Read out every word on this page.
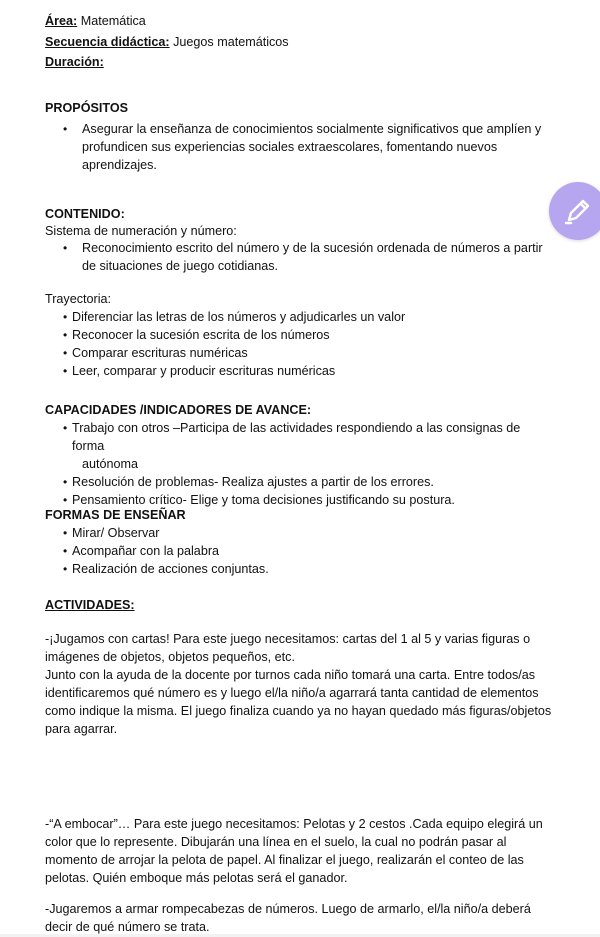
Área: Matemática
Secuencia didáctica: Juegos matemáticos
Duración:
PROPÓSITOS
• Asegurar la enseñanza de conocimientos socialmente significativos que amplíen y profundicen sus experiencias sociales extraescolares, fomentando nuevos aprendizajes.
CONTENIDO:
Sistema de numeración y número:
• Reconocimiento escrito del número y de la sucesión ordenada de números a partir de situaciones de juego cotidianas.
Trayectoria:
• Diferenciar las letras de los números y adjudicarles un valor
• Reconocer la sucesión escrita de los números
• Comparar escrituras numéricas
• Leer, comparar y producir escrituras numéricas
CAPACIDADES /INDICADORES DE AVANCE:
• Trabajo con otros –Participa de las actividades respondiendo a las consignas de forma
autónoma
• Resolución de problemas- Realiza ajustes a partir de los errores.
• Pensamiento crítico- Elige y toma decisiones justificando su postura.
FORMAS DE ENSEÑAR
• Mirar/ Observar
• Acompañar con la palabra
• Realización de acciones conjuntas.
ACTIVIDADES:

-¡Jugamos con cartas! Para este juego necesitamos: cartas del 1 al 5 y varias figuras o imágenes de objetos, objetos pequeños, etc.

Junto con la ayuda de la docente por turnos cada niño tomará una carta. Entre todos/as identificaremos qué número es y luego el/la niño/a agarrará tanta cantidad de elementos como indique la misma. El juego finaliza cuando ya no hayan quedado más figuras/objetos para agarrar.

-“A embocar”… Para este juego necesitamos: Pelotas y 2 cestos .Cada equipo elegirá un color que lo represente. Dibujarán una línea en el suelo, la cual no podrán pasar al momento de arrojar la pelota de papel. Al finalizar el juego, realizarán el conteo de las pelotas. Quién emboque más pelotas será el ganador.
-Jugaremos a armar rompecabezas de números. Luego de armarlo, el/la niño/a deberá decir de qué número se trata.
